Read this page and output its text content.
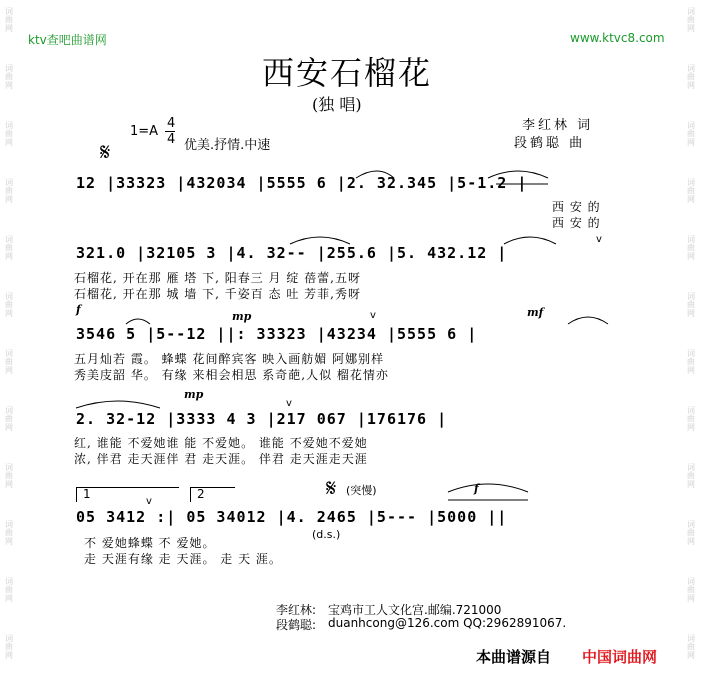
词
曲
网
词
曲
网
词
曲
网
词
曲
网
词
曲
网
词
曲
网
词
曲
网
词
曲
网
词
曲
网
词
曲
网
词
曲
网
词
曲
网
词
曲
网
词
曲
网
词
曲
网
词
曲
网
词
曲
网
词
曲
网
词
曲
网
词
曲
网
词
曲
网
词
曲
网
词
曲
网
词
曲
网
ktv查吧曲谱网	www.ktvc8.com
西安石榴花
(独 唱)
李红林 词
段鹤聪 曲
𝄋
1=A
4
4 优美.抒情.中速
12 |33323 |432034 |5555 6 |2. 32.345 |5-1.2 |
西 安 的
西 安 的
v
321.0 |32105 3 |4. 32-- |255.6 |5. 432.12 |
石榴花, 开在那 雁 塔 下, 阳春三 月 绽 蓓蕾,五呀
石榴花, 开在那 城 墙 下, 千姿百 态 吐 芳菲,秀呀
f
mp	mf
v
3546 5 |5--12 ||: 33323 |43234 |5555 6 |
五月灿若 霞。 蜂蝶 花间醉宾客 映入画舫媚 阿娜别样
秀美庋韶 华。 有缘 来相会相思 系奇葩,人似 榴花情亦
mp
v
2. 32-12 |3333 4 3 |217 067 |176176 |
红, 谁能 不爱她谁 能 不爱她。 谁能 不爱她不爱她
浓, 伴君 走天涯伴 君 走天涯。 伴君 走天涯走天涯
1	2	𝄋 (突慢)	f
v
05 3412 :| 05 34012 |4. 2465 |5--- |5000 ||
(d.s.)
不 爱她蜂蝶 不 爱她。
走 天涯有缘 走 天涯。 走 天 涯。
李红林: 宝鸡市工人文化宫.邮编.721000
段鹤聪: duanhcong@126.com QQ:2962891067.
本曲谱源自 中国词曲网
